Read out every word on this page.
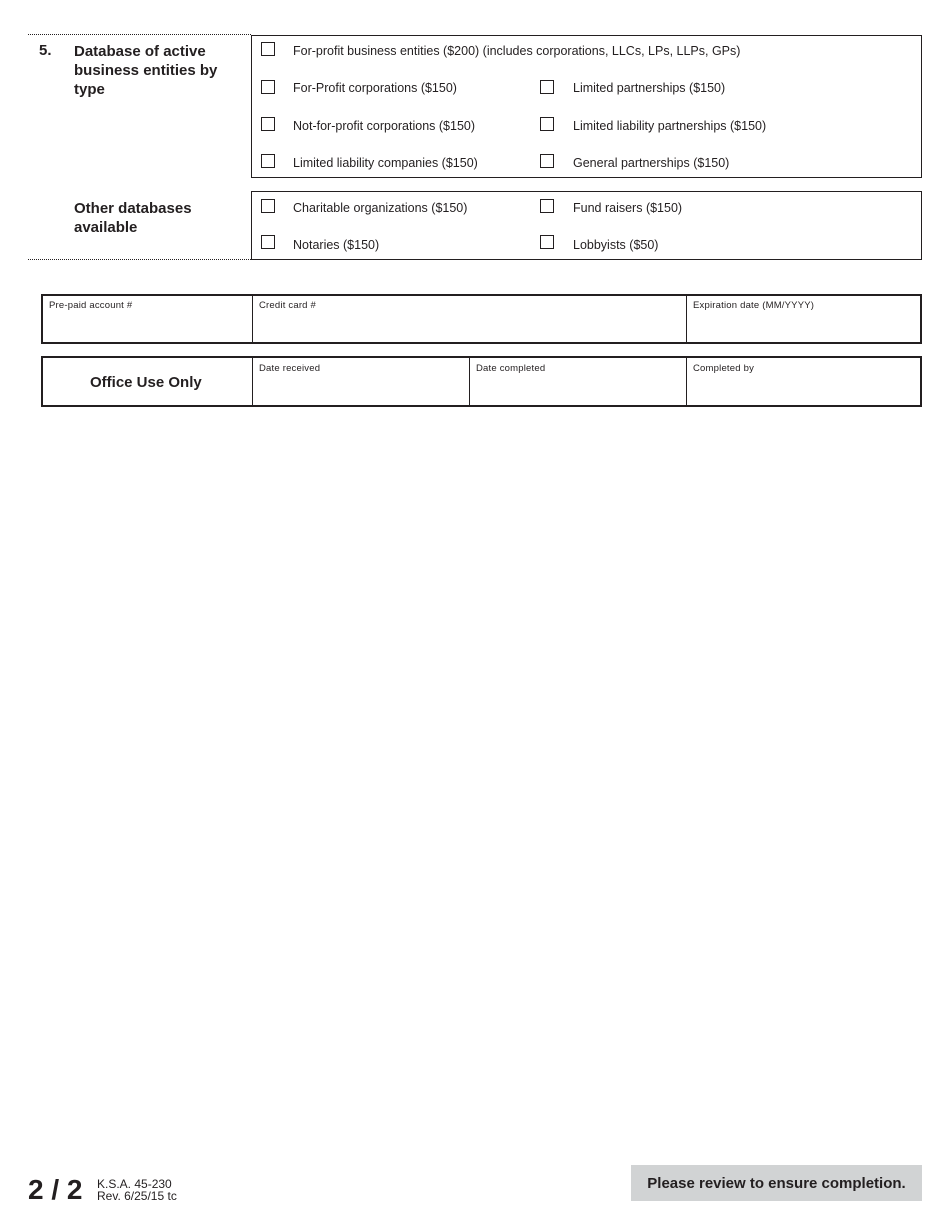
5. Database of active
business entities by
type
For-profit business entities ($200) (includes corporations, LLCs, LPs, LLPs, GPs)
For-Profit corporations ($150)	Limited partnerships ($150)
Not-for-profit corporations ($150)	Limited liability partnerships ($150)
Limited liability companies ($150)	General partnerships ($150)
Other databases
available
Charitable organizations ($150)	Fund raisers ($150)
Notaries ($150)	Lobbyists ($50)
Pre-paid account #	Credit card #	Expiration date (MM/YYYY)
Office Use Only
Date received	Date completed	Completed by
2 / 2 K.S.A. 45-230
Rev. 6/25/15 tc
Please review to ensure completion.
